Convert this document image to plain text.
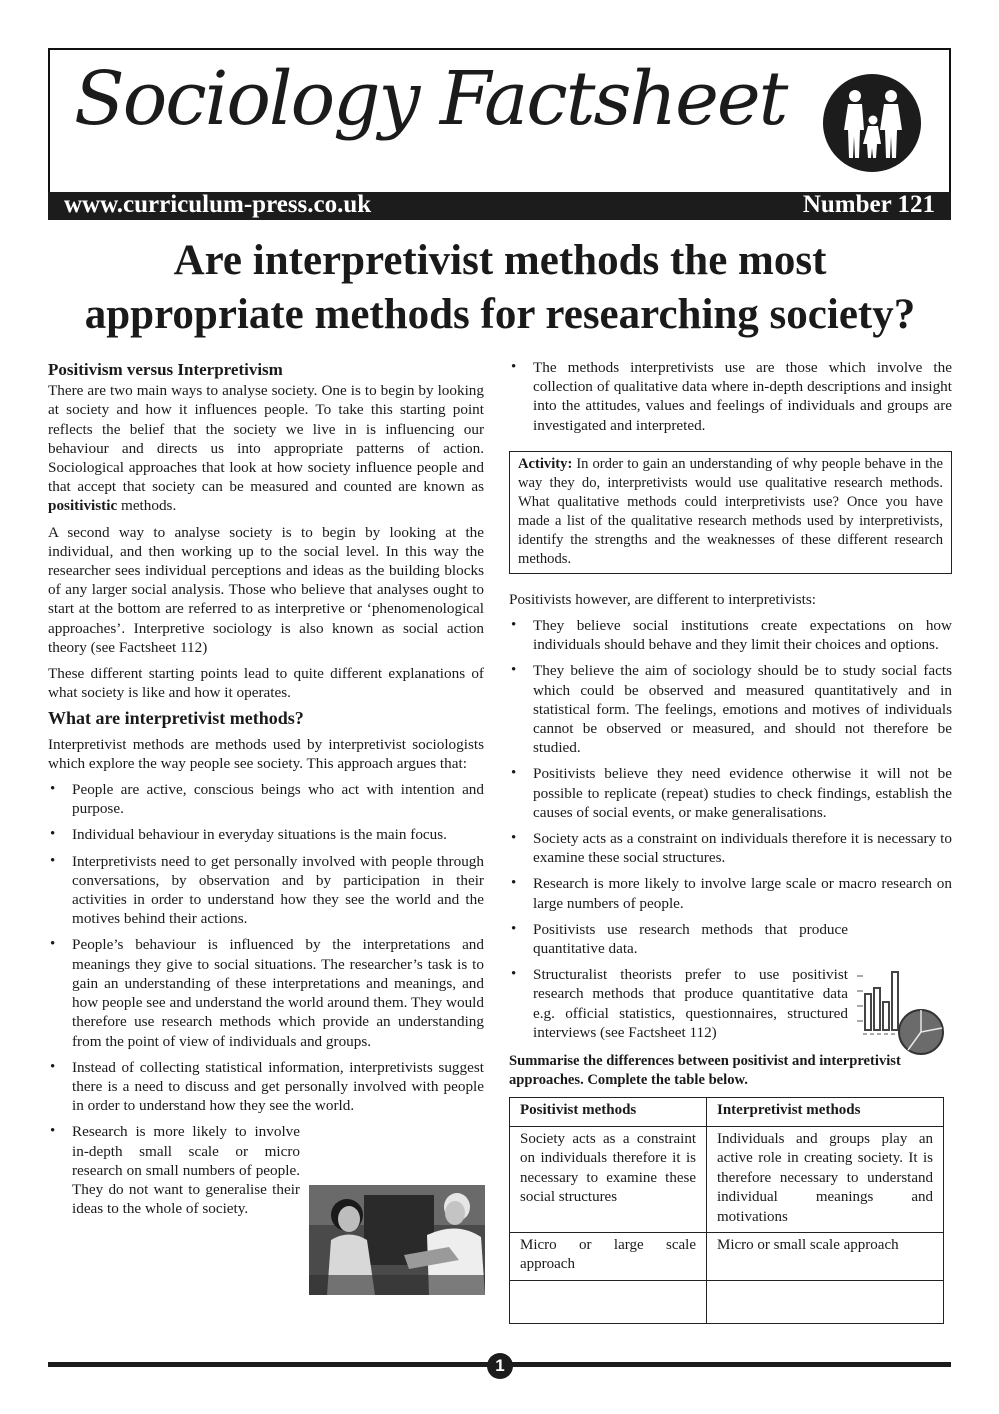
Sociology Factsheet
www.curriculum-press.co.uk	Number 121
Are interpretivist methods the most
appropriate methods for researching society?
Positivism versus Interpretivism

There are two main ways to analyse society. One is to begin by looking at society and how it influences people. To take this starting point reflects the belief that the society we live in is influencing our behaviour and directs us into appropriate patterns of action. Sociological approaches that look at how society influence people and that accept that society can be measured and counted are known as positivistic methods.

A second way to analyse society is to begin by looking at the individual, and then working up to the social level. In this way the researcher sees individual perceptions and ideas as the building blocks of any larger social analysis. Those who believe that analyses ought to start at the bottom are referred to as interpretive or ‘phenomenological approaches’. Interpretive sociology is also known as social action theory (see Factsheet 112)

These different starting points lead to quite different explanations of what society is like and how it operates.

What are interpretivist methods?

Interpretivist methods are methods used by interpretivist sociologists which explore the way people see society. This approach argues that:

• People are active, conscious beings who act with intention and purpose.
• Individual behaviour in everyday situations is the main focus.
• Interpretivists need to get personally involved with people through conversations, by observation and by participation in their activities in order to understand how they see the world and the motives behind their actions.
• People’s behaviour is influenced by the interpretations and meanings they give to social situations. The researcher’s task is to gain an understanding of these interpretations and meanings, and how people see and understand the world around them. They would therefore use research methods which provide an understanding from the point of view of individuals and groups.
• Instead of collecting statistical information, interpretivists suggest there is a need to discuss and get personally involved with people in order to understand how they see the world.
• Research is more likely to involve in-depth small scale or micro research on small numbers of people. They do not want to generalise their ideas to the whole of society.
• The methods interpretivists use are those which involve the collection of qualitative data where in-depth descriptions and insight into the attitudes, values and feelings of individuals and groups are investigated and interpreted.
Activity: In order to gain an understanding of why people behave in the way they do, interpretivists would use qualitative research methods. What qualitative methods could interpretivists use? Once you have made a list of the qualitative research methods used by interpretivists, identify the strengths and the weaknesses of these different research methods.

Positivists however, are different to interpretivists:

• They believe social institutions create expectations on how individuals should behave and they limit their choices and options.
• They believe the aim of sociology should be to study social facts which could be observed and measured quantitatively and in statistical form. The feelings, emotions and motives of individuals cannot be observed or measured, and should not therefore be studied.
• Positivists believe they need evidence otherwise it will not be possible to replicate (repeat) studies to check findings, establish the causes of social events, or make generalisations.
• Society acts as a constraint on individuals therefore it is necessary to examine these social structures.
• Research is more likely to involve large scale or macro research on large numbers of people.
• Positivists use research methods that produce quantitative data.
• Structuralist theorists prefer to use positivist research methods that produce quantitative data e.g. official statistics, questionnaires, structured interviews (see Factsheet 112)

Summarise the differences between positivist and interpretivist approaches. Complete the table below.

Positivist methods	Interpretivist methods
Society acts as a constraint on individuals therefore it is necessary to examine these social structures	Individuals and groups play an active role in creating society. It is therefore necessary to understand individual meanings and motivations
Micro or large scale approach	Micro or small scale approach

1
